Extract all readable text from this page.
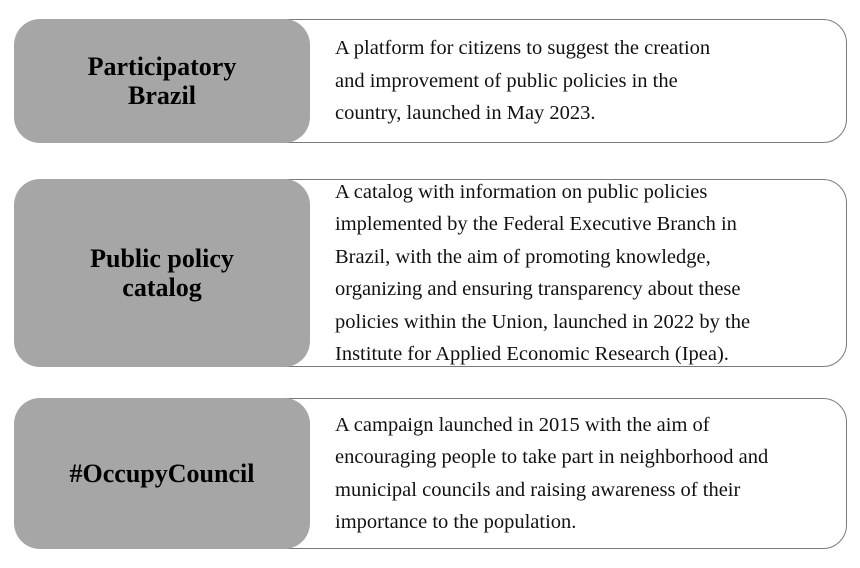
A platform for citizens to suggest the creation
and improvement of public policies in the
country, launched in May 2023.
Participatory
Brazil
A catalog with information on public policies
implemented by the Federal Executive Branch in
Brazil, with the aim of promoting knowledge,
organizing and ensuring transparency about these
policies within the Union, launched in 2022 by the
Institute for Applied Economic Research (Ipea).
Public policy
catalog
A campaign launched in 2015 with the aim of
encouraging people to take part in neighborhood and
municipal councils and raising awareness of their
importance to the population.
#OccupyCouncil
